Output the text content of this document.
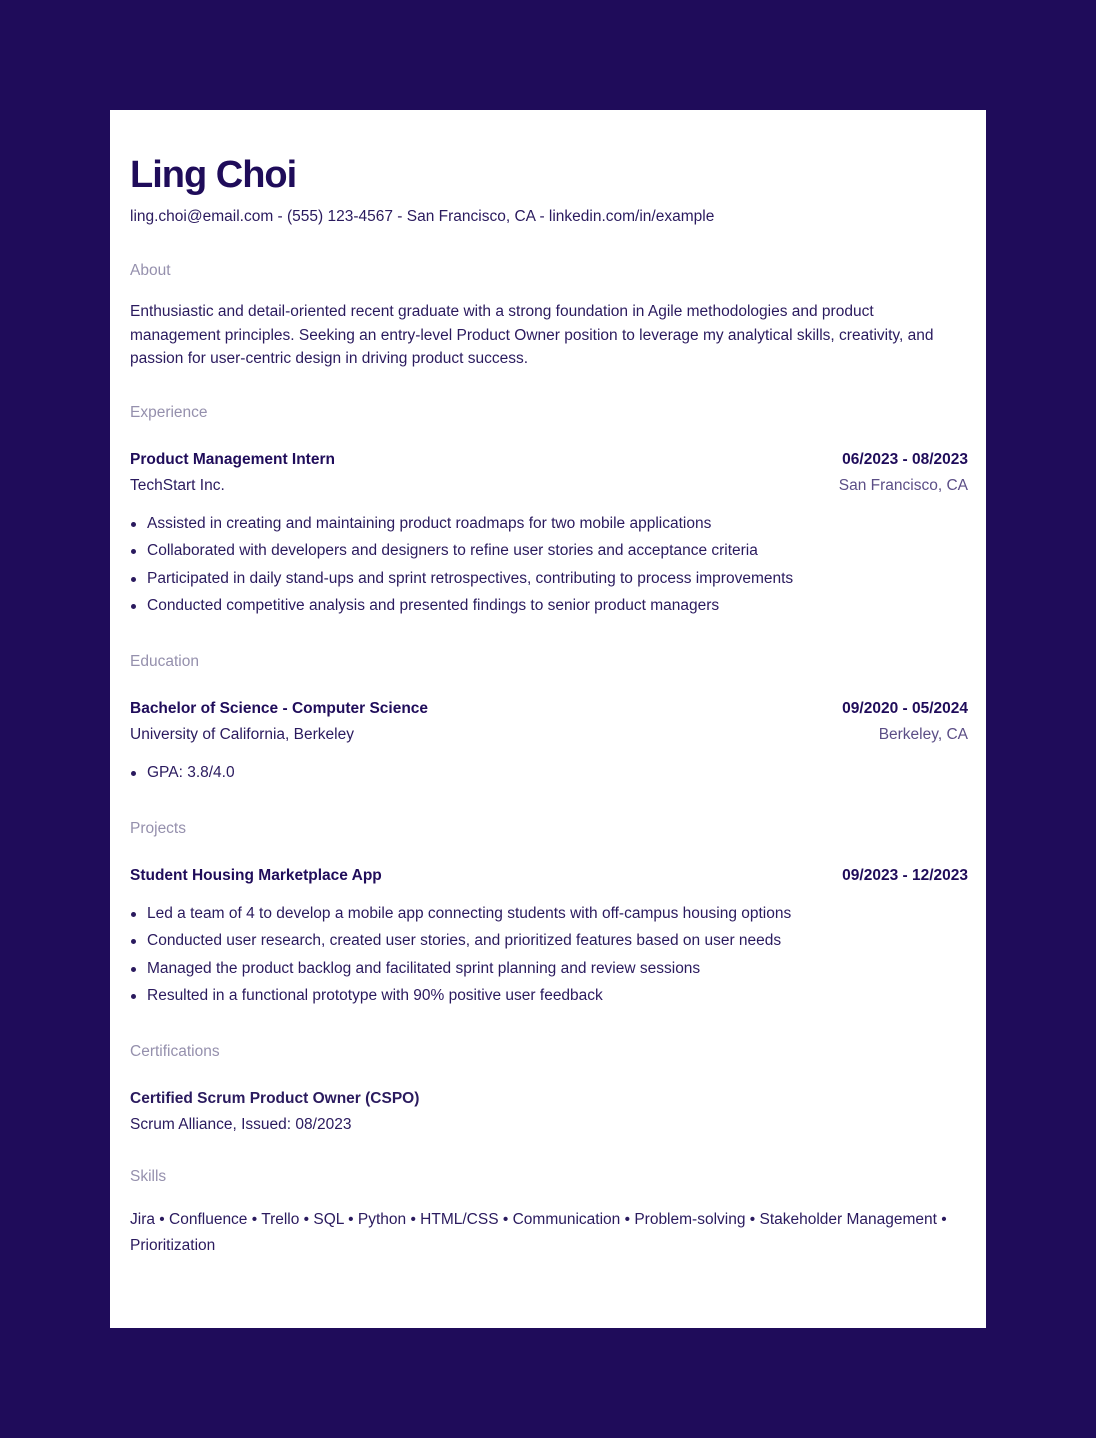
Ling Choi
ling.choi@email.com - (555) 123-4567 - San Francisco, CA - linkedin.com/in/example
About
Enthusiastic and detail-oriented recent graduate with a strong foundation in Agile methodologies and product management principles. Seeking an entry-level Product Owner position to leverage my analytical skills, creativity, and passion for user-centric design in driving product success.
Experience
Product Management Intern	06/2023 - 08/2023
TechStart Inc.	San Francisco, CA
Assisted in creating and maintaining product roadmaps for two mobile applications
Collaborated with developers and designers to refine user stories and acceptance criteria
Participated in daily stand-ups and sprint retrospectives, contributing to process improvements
Conducted competitive analysis and presented findings to senior product managers
Education
Bachelor of Science - Computer Science	09/2020 - 05/2024
University of California, Berkeley	Berkeley, CA
GPA: 3.8/4.0
Projects
Student Housing Marketplace App	09/2023 - 12/2023
Led a team of 4 to develop a mobile app connecting students with off-campus housing options
Conducted user research, created user stories, and prioritized features based on user needs
Managed the product backlog and facilitated sprint planning and review sessions
Resulted in a functional prototype with 90% positive user feedback
Certifications
Certified Scrum Product Owner (CSPO)
Scrum Alliance, Issued: 08/2023
Skills
Jira • Confluence • Trello • SQL • Python • HTML/CSS • Communication • Problem-solving • Stakeholder Management • Prioritization
